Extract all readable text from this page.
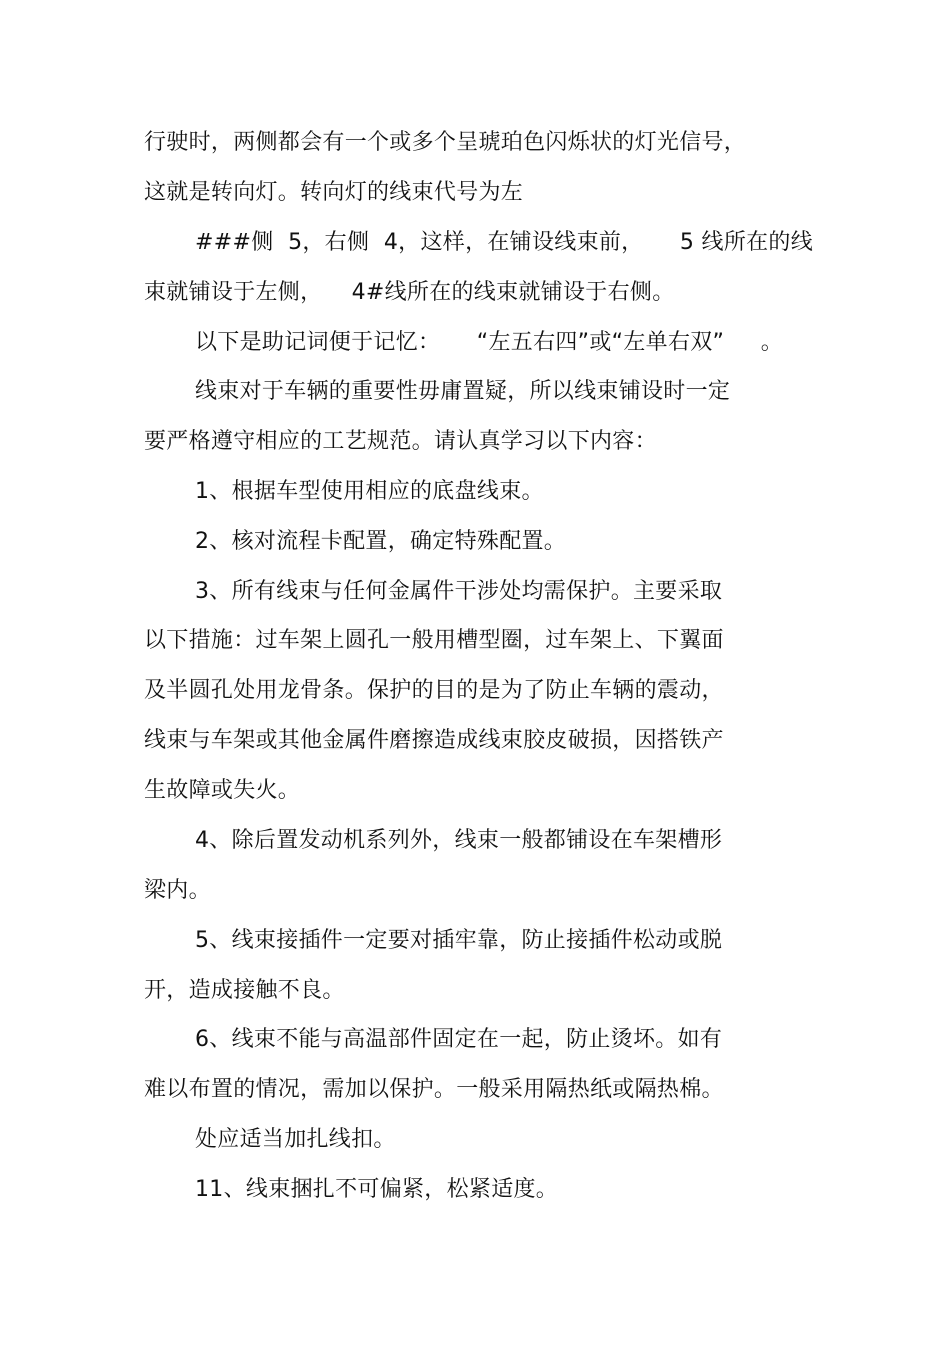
行驶时，两侧都会有一个或多个呈琥珀色闪烁状的灯光信号，
这就是转向灯。转向灯的线束代号为左
###侧  5，右侧  4，这样，在铺设线束前，     5 线所在的线
束就铺设于左侧，    4#线所在的线束就铺设于右侧。
以下是助记词便于记忆：     “左五右四”或“左单右双”     。
线束对于车辆的重要性毋庸置疑，所以线束铺设时一定
要严格遵守相应的工艺规范。请认真学习以下内容：
1、根据车型使用相应的底盘线束。
2、核对流程卡配置，确定特殊配置。
3、所有线束与任何金属件干涉处均需保护。主要采取
以下措施：过车架上圆孔一般用槽型圈，过车架上、下翼面
及半圆孔处用龙骨条。保护的目的是为了防止车辆的震动，
线束与车架或其他金属件磨擦造成线束胶皮破损，因搭铁产
生故障或失火。
4、除后置发动机系列外，线束一般都铺设在车架槽形
梁内。
5、线束接插件一定要对插牢靠，防止接插件松动或脱
开，造成接触不良。
6、线束不能与高温部件固定在一起，防止烫坏。如有
难以布置的情况，需加以保护。一般采用隔热纸或隔热棉。
处应适当加扎线扣。
11、线束捆扎不可偏紧，松紧适度。
